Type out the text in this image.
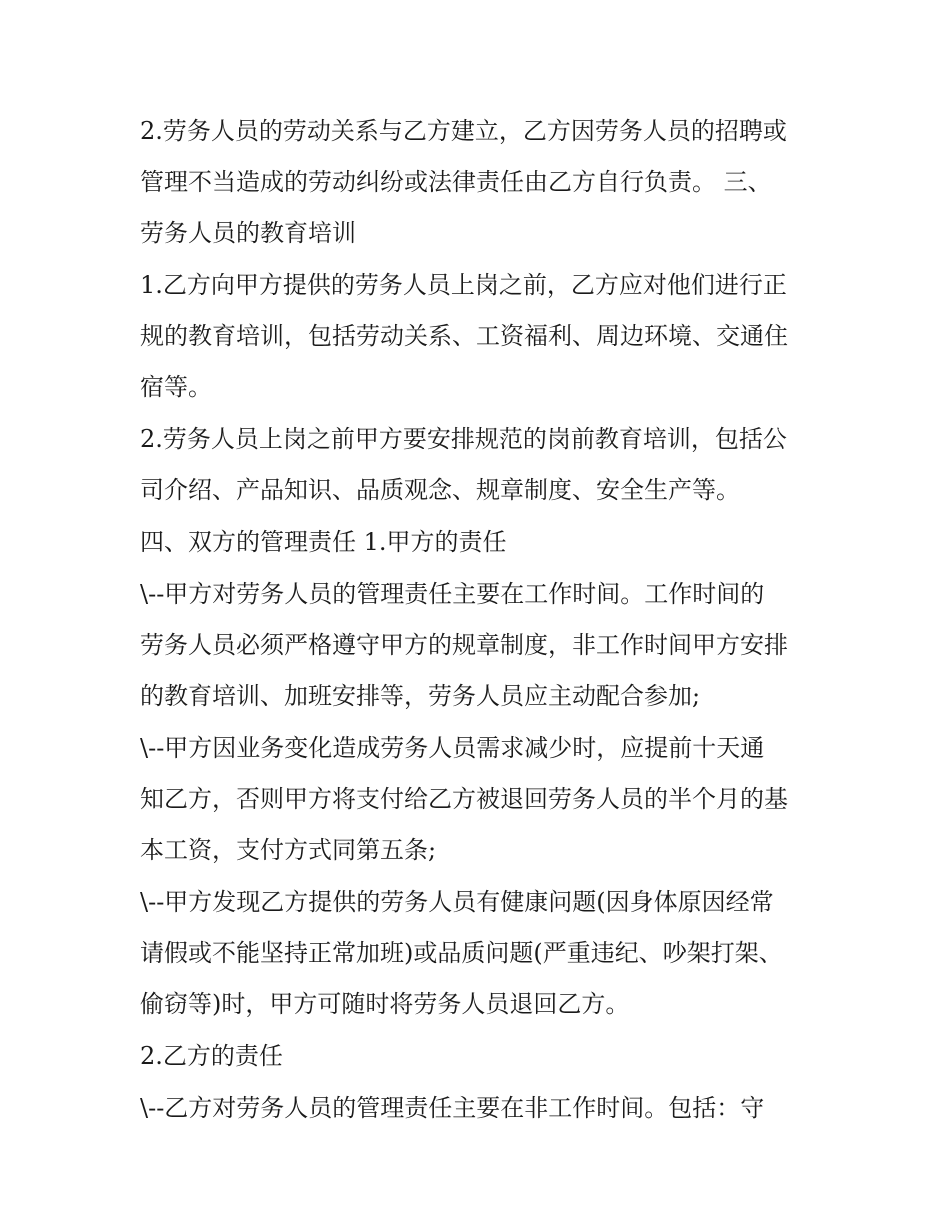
2.劳务人员的劳动关系与乙方建立，乙方因劳务人员的招聘或
管理不当造成的劳动纠纷或法律责任由乙方自行负责。 三、
劳务人员的教育培训

1.乙方向甲方提供的劳务人员上岗之前，乙方应对他们进行正
规的教育培训，包括劳动关系、工资福利、周边环境、交通住
宿等。

2.劳务人员上岗之前甲方要安排规范的岗前教育培训，包括公
司介绍、产品知识、品质观念、规章制度、安全生产等。

四、双方的管理责任 1.甲方的责任

\--甲方对劳务人员的管理责任主要在工作时间。工作时间的
劳务人员必须严格遵守甲方的规章制度，非工作时间甲方安排
的教育培训、加班安排等，劳务人员应主动配合参加;

\--甲方因业务变化造成劳务人员需求减少时，应提前十天通
知乙方，否则甲方将支付给乙方被退回劳务人员的半个月的基
本工资，支付方式同第五条;

\--甲方发现乙方提供的劳务人员有健康问题(因身体原因经常
请假或不能坚持正常加班)或品质问题(严重违纪、吵架打架、
偷窃等)时，甲方可随时将劳务人员退回乙方。

2.乙方的责任

\--乙方对劳务人员的管理责任主要在非工作时间。包括：守
